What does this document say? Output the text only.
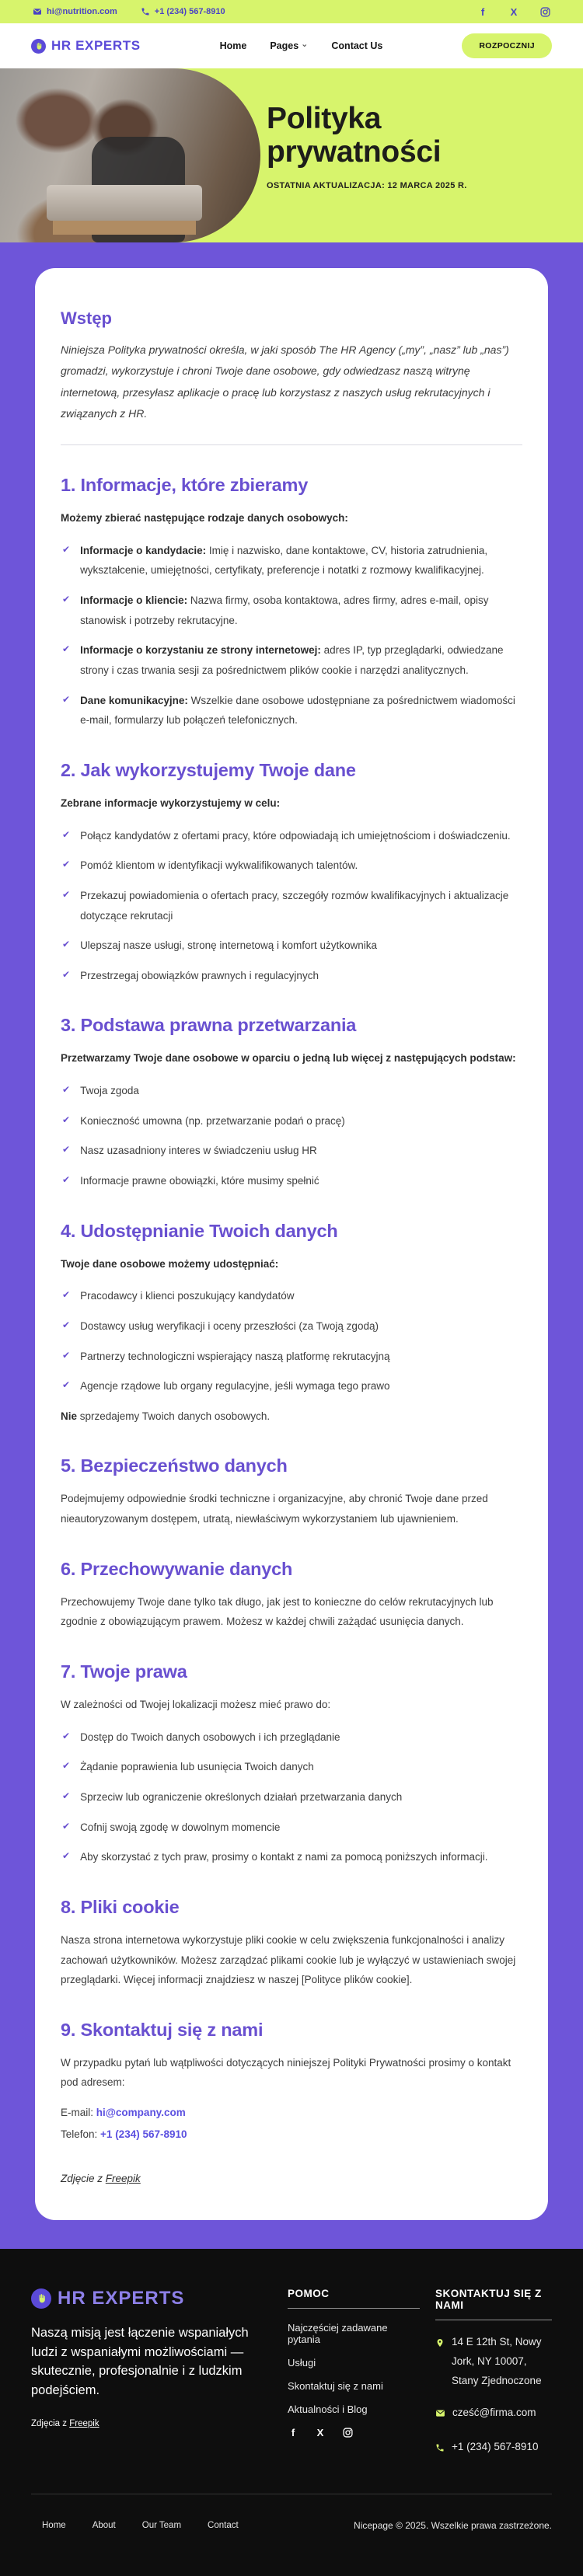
hi@nutrition.com	+1 (234) 567-8910	f	X
HR EXPERTS	Home Pages ⌄ Contact Us	ROZPOCZNIJ
Polityka
prywatności
OSTATNIA AKTUALIZACJA: 12 MARCA 2025 R.
Wstęp

Niniejsza Polityka prywatności określa, w jaki sposób The HR Agency („my”, „nasz” lub „nas”) gromadzi, wykorzystuje i chroni Twoje dane osobowe, gdy odwiedzasz naszą witrynę internetową, przesyłasz aplikacje o pracę lub korzystasz z naszych usług rekrutacyjnych i związanych z HR.

1. Informacje, które zbieramy

Możemy zbierać następujące rodzaje danych osobowych:

✔ Informacje o kandydacie: Imię i nazwisko, dane kontaktowe, CV, historia zatrudnienia, wykształcenie, umiejętności, certyfikaty, preferencje i notatki z rozmowy kwalifikacyjnej.
✔ Informacje o kliencie: Nazwa firmy, osoba kontaktowa, adres firmy, adres e-mail, opisy stanowisk i potrzeby rekrutacyjne.
✔ Informacje o korzystaniu ze strony internetowej: adres IP, typ przeglądarki, odwiedzane strony i czas trwania sesji za pośrednictwem plików cookie i narzędzi analitycznych.
✔ Dane komunikacyjne: Wszelkie dane osobowe udostępniane za pośrednictwem wiadomości e-mail, formularzy lub połączeń telefonicznych.
2. Jak wykorzystujemy Twoje dane

Zebrane informacje wykorzystujemy w celu:

✔ Połącz kandydatów z ofertami pracy, które odpowiadają ich umiejętnościom i doświadczeniu.
✔ Pomóż klientom w identyfikacji wykwalifikowanych talentów.
✔ Przekazuj powiadomienia o ofertach pracy, szczegóły rozmów kwalifikacyjnych i aktualizacje dotyczące rekrutacji
✔ Ulepszaj nasze usługi, stronę internetową i komfort użytkownika
✔ Przestrzegaj obowiązków prawnych i regulacyjnych
3. Podstawa prawna przetwarzania

Przetwarzamy Twoje dane osobowe w oparciu o jedną lub więcej z następujących podstaw:

✔ Twoja zgoda
✔ Konieczność umowna (np. przetwarzanie podań o pracę)
✔ Nasz uzasadniony interes w świadczeniu usług HR
✔ Informacje prawne obowiązki, które musimy spełnić
4. Udostępnianie Twoich danych

Twoje dane osobowe możemy udostępniać:

✔ Pracodawcy i klienci poszukujący kandydatów
✔ Dostawcy usług weryfikacji i oceny przeszłości (za Twoją zgodą)
✔ Partnerzy technologiczni wspierający naszą platformę rekrutacyjną
✔ Agencje rządowe lub organy regulacyjne, jeśli wymaga tego prawo

Nie sprzedajemy Twoich danych osobowych.

5. Bezpieczeństwo danych

Podejmujemy odpowiednie środki techniczne i organizacyjne, aby chronić Twoje dane przed nieautoryzowanym dostępem, utratą, niewłaściwym wykorzystaniem lub ujawnieniem.

6. Przechowywanie danych

Przechowujemy Twoje dane tylko tak długo, jak jest to konieczne do celów rekrutacyjnych lub zgodnie z obowiązującym prawem. Możesz w każdej chwili zażądać usunięcia danych.

7. Twoje prawa

W zależności od Twojej lokalizacji możesz mieć prawo do:

✔ Dostęp do Twoich danych osobowych i ich przeglądanie
✔ Żądanie poprawienia lub usunięcia Twoich danych
✔ Sprzeciw lub ograniczenie określonych działań przetwarzania danych
✔ Cofnij swoją zgodę w dowolnym momencie
✔ Aby skorzystać z tych praw, prosimy o kontakt z nami za pomocą poniższych informacji.
8. Pliki cookie

Nasza strona internetowa wykorzystuje pliki cookie w celu zwiększenia funkcjonalności i analizy zachowań użytkowników. Możesz zarządzać plikami cookie lub je wyłączyć w ustawieniach swojej przeglądarki. Więcej informacji znajdziesz w naszej [Polityce plików cookie].

9. Skontaktuj się z nami

W przypadku pytań lub wątpliwości dotyczących niniejszej Polityki Prywatności prosimy o kontakt pod adresem:

E-mail: hi@company.com

Telefon: +1 (234) 567-8910

Zdjęcie z Freepik

HR EXPERTS

Naszą misją jest łączenie wspaniałych ludzi z wspaniałymi możliwościami — skutecznie, profesjonalnie i z ludzkim podejściem.

Zdjęcia z Freepik

POMOC
Najczęściej zadawane pytania
Usługi
Skontaktuj się z nami
Aktualności i Blog
f	X
SKONTAKTUJ SIĘ Z NAMI
14 E 12th St, Nowy Jork, NY 10007, Stany Zjednoczone
cześć@firma.com
+1 (234) 567-8910
Home	About	Our Team	Contact	Nicepage © 2025. Wszelkie prawa zastrzeżone.
